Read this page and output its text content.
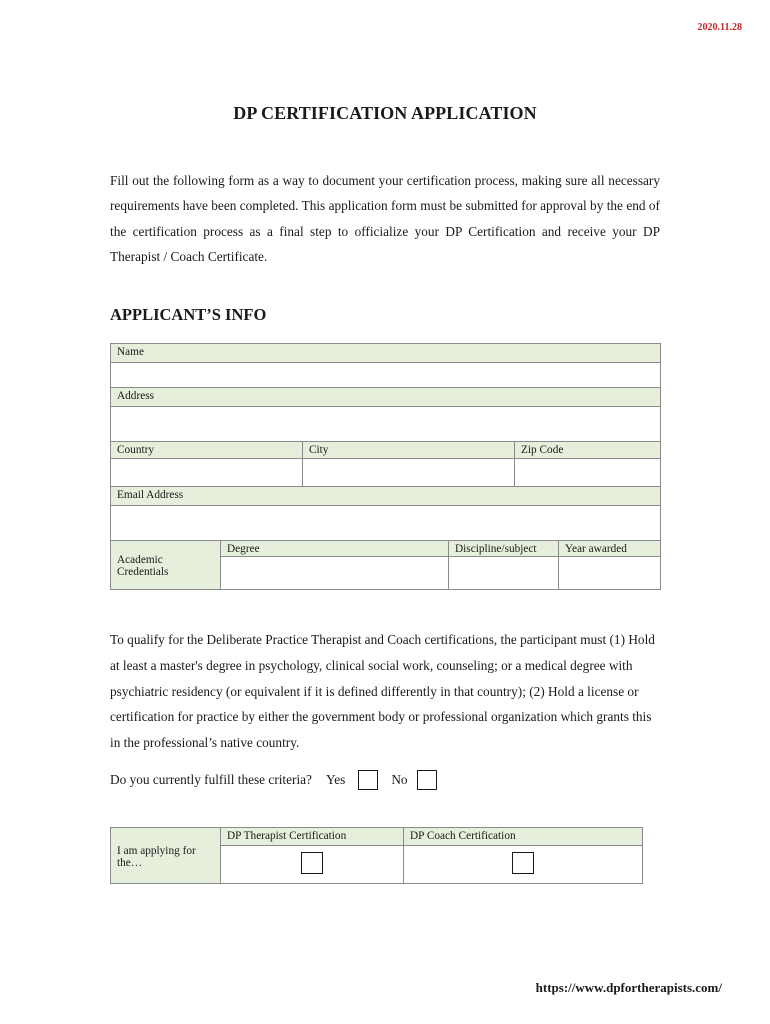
2020.11.28
DP CERTIFICATION APPLICATION

Fill out the following form as a way to document your certification process, making sure all necessary requirements have been completed. This application form must be submitted for approval by the end of the certification process as a final step to officialize your DP Certification and receive your DP Therapist / Coach Certificate.

APPLICANT’S INFO
Name					

Address					

Country		City		Zip Code	

Email Address					

Academic
Credentials	Degree		Discipline/subject		Year awarded

To qualify for the Deliberate Practice Therapist and Coach certifications, the participant must (1) Hold at least a master's degree in psychology, clinical social work, counseling; or a medical degree with psychiatric residency (or equivalent if it is defined differently in that country); (2) Hold a license or certification for practice by either the government body or professional organization which grants this in the professional’s native country.

Do you currently fulfill these criteria? Yes	No
I am applying for the…	DP Therapist Certification	DP Coach Certification

https://www.dpfortherapists.com/
